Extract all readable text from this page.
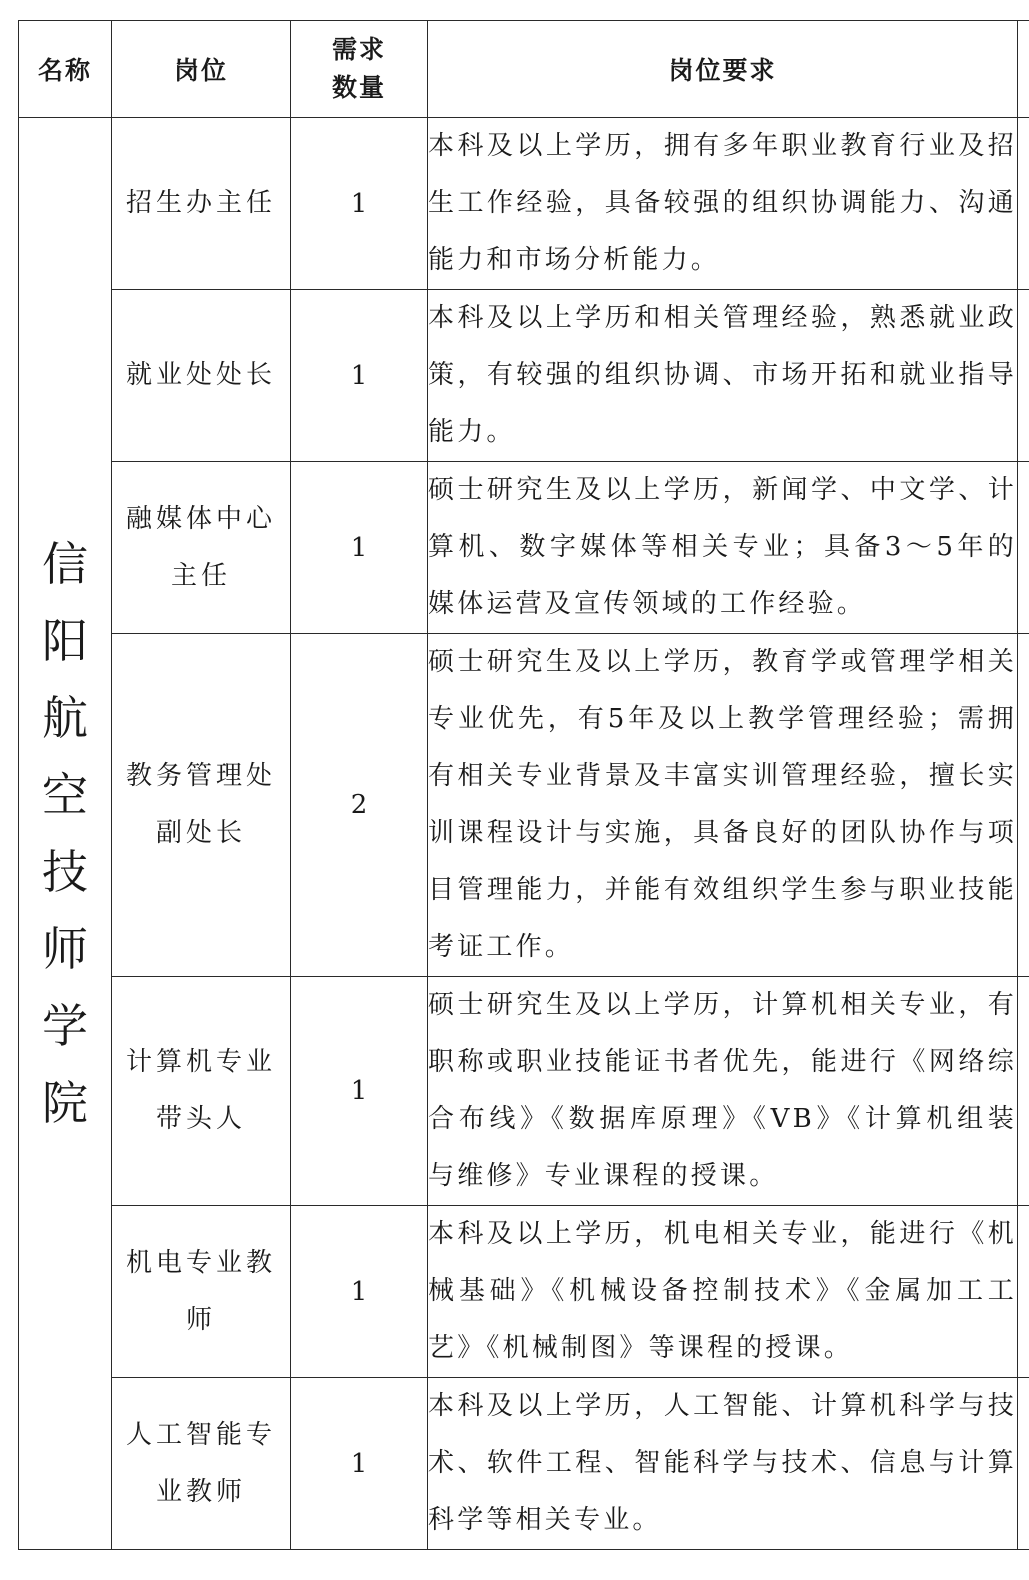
名称	岗位	需求数量	岗位要求	
信阳航空技师学院	招生办主任	1	本科及以上学历，拥有多年职业教育行业及招生工作经验，具备较强的组织协调能力、沟通能力和市场分析能力。	
	就业处处长	1	本科及以上学历和相关管理经验，熟悉就业政策，有较强的组织协调、市场开拓和就业指导能力。	
	融媒体中心主任	1	硕士研究生及以上学历，新闻学、中文学、计算机、数字媒体等相关专业；具备3～5年的媒体运营及宣传领域的工作经验。	
	教务管理处副处长	2	硕士研究生及以上学历，教育学或管理学相关专业优先，有5年及以上教学管理经验；需拥有相关专业背景及丰富实训管理经验，擅长实训课程设计与实施，具备良好的团队协作与项目管理能力，并能有效组织学生参与职业技能考证工作。	
	计算机专业带头人	1	硕士研究生及以上学历，计算机相关专业，有职称或职业技能证书者优先，能进行《网络综合布线》《数据库原理》《VB》《计算机组装与维修》专业课程的授课。	
	机电专业教师	1	本科及以上学历，机电相关专业，能进行《机械基础》《机械设备控制技术》《金属加工工艺》《机械制图》等课程的授课。	
	人工智能专业教师	1	本科及以上学历，人工智能、计算机科学与技术、软件工程、智能科学与技术、信息与计算科学等相关专业。	
